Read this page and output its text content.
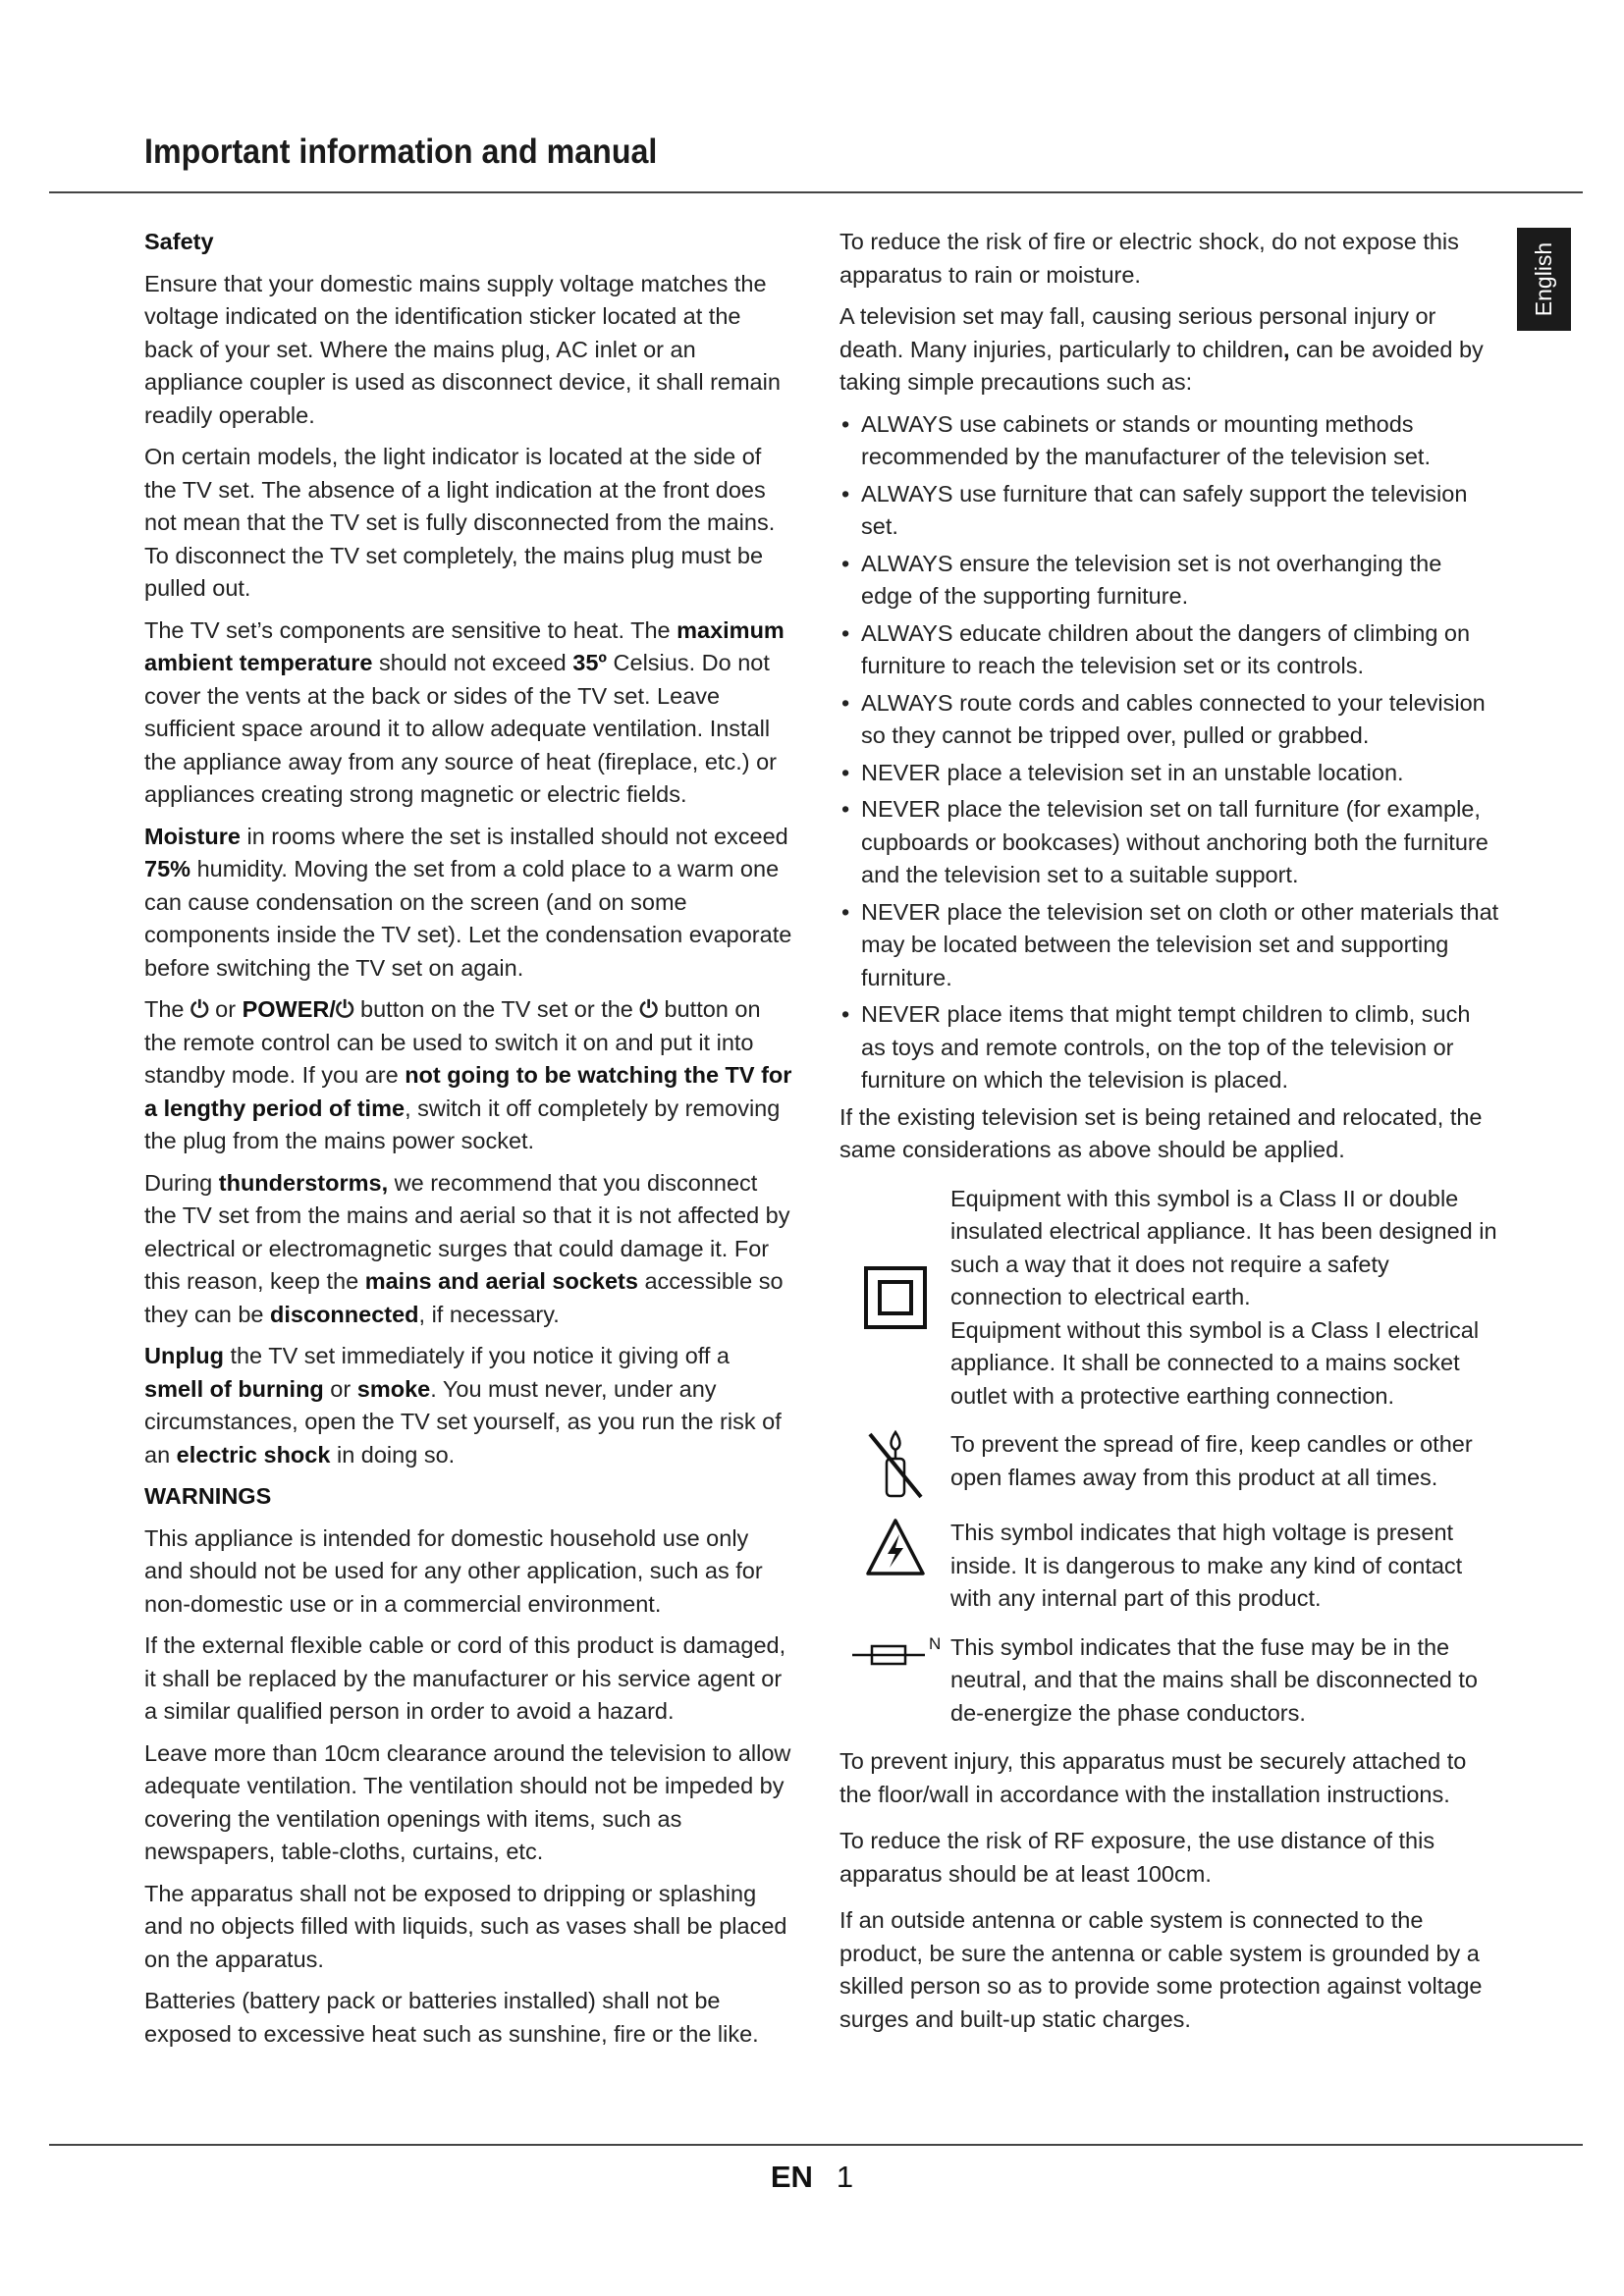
Important information and manual
English

Safety

Ensure that your domestic mains supply voltage matches the voltage indicated on the identification sticker located at the back of your set. Where the mains plug, AC inlet or an appliance coupler is used as disconnect device, it shall remain readily operable.

On certain models, the light indicator is located at the side of the TV set. The absence of a light indication at the front does not mean that the TV set is fully disconnected from the mains. To disconnect the TV set completely, the mains plug must be pulled out.

The TV set’s components are sensitive to heat. The maximum ambient temperature should not exceed 35º Celsius. Do not cover the vents at the back or sides of the TV set. Leave sufficient space around it to allow adequate ventilation. Install the appliance away from any source of heat (fireplace, etc.) or appliances creating strong magnetic or electric fields.

Moisture in rooms where the set is installed should not exceed 75% humidity. Moving the set from a cold place to a warm one can cause condensation on the screen (and on some components inside the TV set). Let the condensation evaporate before switching the TV set on again.

The ⏻ or POWER/⏻ button on the TV set or the ⏻ button on the remote control can be used to switch it on and put it into standby mode. If you are not going to be watching the TV for a lengthy period of time, switch it off completely by removing the plug from the mains power socket.

During thunderstorms, we recommend that you disconnect the TV set from the mains and aerial so that it is not affected by electrical or electromagnetic surges that could damage it. For this reason, keep the mains and aerial sockets accessible so they can be disconnected, if necessary.

Unplug the TV set immediately if you notice it giving off a smell of burning or smoke. You must never, under any circumstances, open the TV set yourself, as you run the risk of an electric shock in doing so.

WARNINGS

This appliance is intended for domestic household use only and should not be used for any other application, such as for non-domestic use or in a commercial environment.

If the external flexible cable or cord of this product is damaged, it shall be replaced by the manufacturer or his service agent or a similar qualified person in order to avoid a hazard.

Leave more than 10cm clearance around the television to allow adequate ventilation. The ventilation should not be impeded by covering the ventilation openings with items, such as newspapers, table-cloths, curtains, etc.

The apparatus shall not be exposed to dripping or splashing and no objects filled with liquids, such as vases shall be placed on the apparatus.

Batteries (battery pack or batteries installed) shall not be exposed to excessive heat such as sunshine, fire or the like.

To reduce the risk of fire or electric shock, do not expose this apparatus to rain or moisture.

A television set may fall, causing serious personal injury or death. Many injuries, particularly to children, can be avoided by taking simple precautions such as:

• ALWAYS use cabinets or stands or mounting methods recommended by the manufacturer of the television set.
• ALWAYS use furniture that can safely support the television set.
• ALWAYS ensure the television set is not overhanging the edge of the supporting furniture.
• ALWAYS educate children about the dangers of climbing on furniture to reach the television set or its controls.
• ALWAYS route cords and cables connected to your television so they cannot be tripped over, pulled or grabbed.
• NEVER place a television set in an unstable location.
• NEVER place the television set on tall furniture (for example, cupboards or bookcases) without anchoring both the furniture and the television set to a suitable support.
• NEVER place the television set on cloth or other materials that may be located between the television set and supporting furniture.
• NEVER place items that might tempt children to climb, such as toys and remote controls, on the top of the television or furniture on which the television is placed.

If the existing television set is being retained and relocated, the same considerations as above should be applied.

Equipment with this symbol is a Class II or double insulated electrical appliance. It has been designed in such a way that it does not require a safety connection to electrical earth.

Equipment without this symbol is a Class I electrical appliance. It shall be connected to a mains socket outlet with a protective earthing connection.

To prevent the spread of fire, keep candles or other open flames away from this product at all times.

This symbol indicates that high voltage is present inside. It is dangerous to make any kind of contact with any internal part of this product.

N This symbol indicates that the fuse may be in the neutral, and that the mains shall be disconnected to de-energize the phase conductors.

To prevent injury, this apparatus must be securely attached to the floor/wall in accordance with the installation instructions.

To reduce the risk of RF exposure, the use distance of this apparatus should be at least 100cm.

If an outside antenna or cable system is connected to the product, be sure the antenna or cable system is grounded by a skilled person so as to provide some protection against voltage surges and built-up static charges.

EN 1
